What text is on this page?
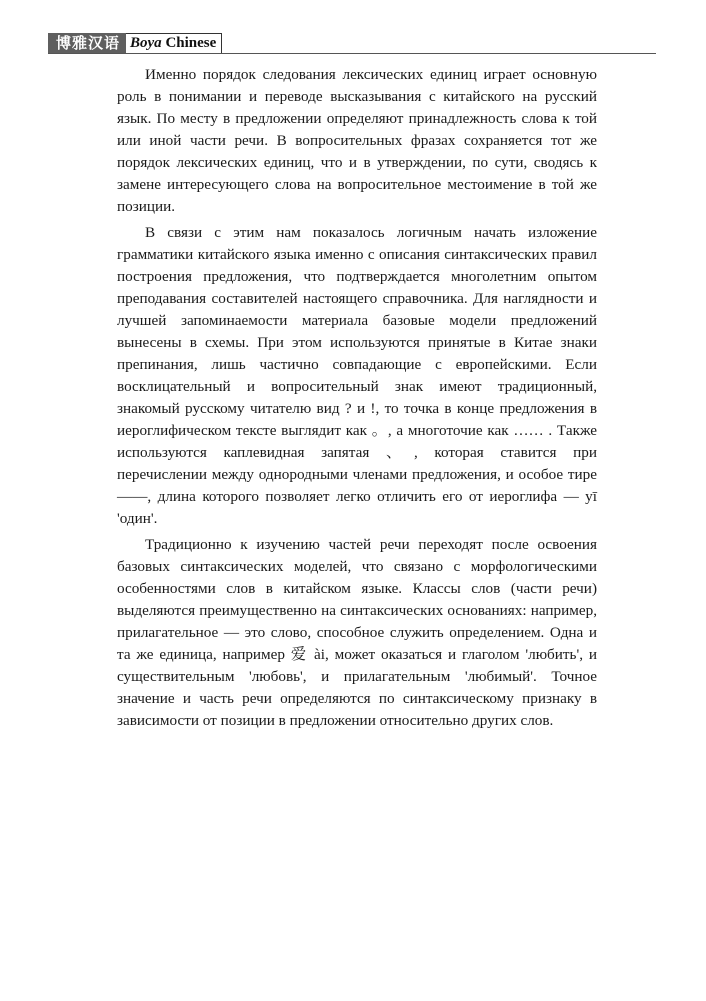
博雅汉语 Boya Chinese

Именно порядок следования лексических единиц играет основную роль в понимании и переводе высказывания с китайского на русский язык. По месту в предложении определяют принадлежность слова к той или иной части речи. В вопросительных фразах сохраняется тот же порядок лексических единиц, что и в утверждении, по сути, сводясь к замене интересующего слова на вопросительное местоимение в той же позиции.

В связи с этим нам показалось логичным начать изложение грамматики китайского языка именно с описания синтаксических правил построения предложения, что подтверждается многолетним опытом преподавания составителей настоящего справочника. Для наглядности и лучшей запоминаемости материала базовые модели предложений вынесены в схемы. При этом используются принятые в Китае знаки препинания, лишь частично совпадающие с европейскими. Если восклицательный и вопросительный знак имеют традиционный, знакомый русскому читателю вид ? и !, то точка в конце предложения в иероглифическом тексте выглядит как 。, а многоточие как …… . Также используются каплевидная запятая 、, которая ставится при перечислении между однородными членами предложения, и особое тире ——, длина которого позволяет легко отличить его от иероглифа — yī 'один'.

Традиционно к изучению частей речи переходят после освоения базовых синтаксических моделей, что связано с морфологическими особенностями слов в китайском языке. Классы слов (части речи) выделяются преимущественно на синтаксических основаниях: например, прилагательное — это слово, способное служить определением. Одна и та же единица, например 爱 ài, может оказаться и глаголом 'любить', и существительным 'любовь', и прилагательным 'любимый'. Точное значение и часть речи определяются по синтаксическому признаку в зависимости от позиции в предложении относительно других слов.
